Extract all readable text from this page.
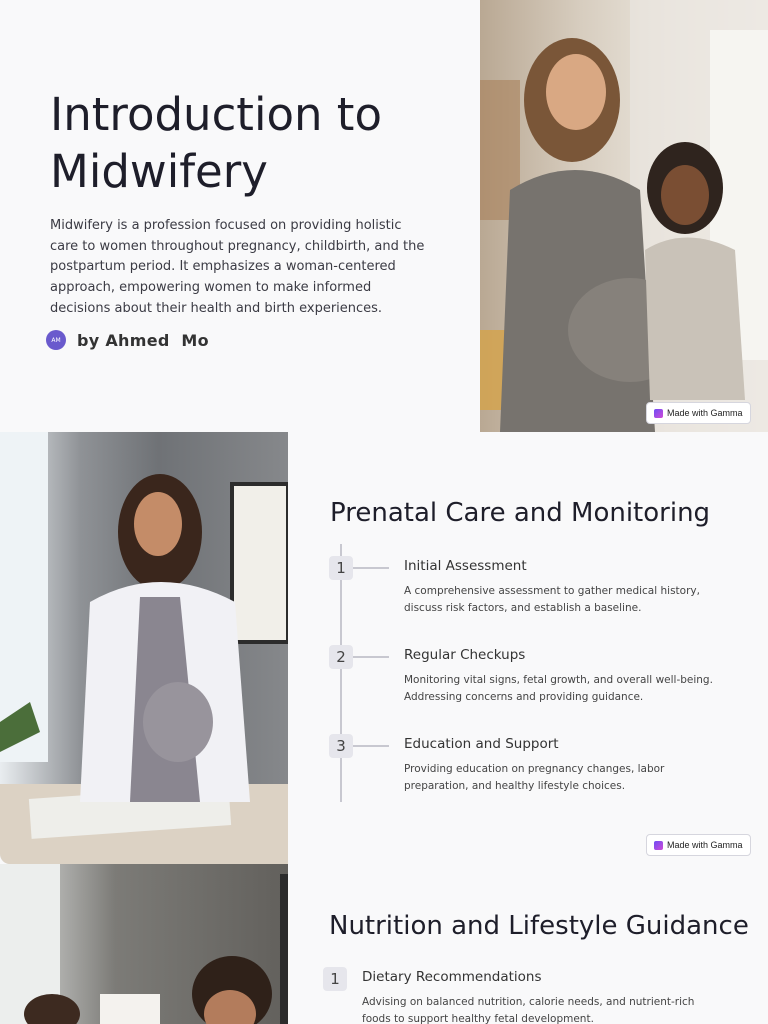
Introduction to Midwifery

Midwifery is a profession focused on providing holistic care to women throughout pregnancy, childbirth, and the postpartum period. It emphasizes a woman-centered approach, empowering women to make informed decisions about their health and birth experiences.

AM	by Ahmed  Mo
Made with Gamma
Prenatal Care and Monitoring
1	Initial Assessment
A comprehensive assessment to gather medical history, discuss risk factors, and establish a baseline.
2	Regular Checkups
Monitoring vital signs, fetal growth, and overall well-being. Addressing concerns and providing guidance.
3	Education and Support
Providing education on pregnancy changes, labor preparation, and healthy lifestyle choices.
Made with Gamma
Nutrition and Lifestyle Guidance
1	Dietary Recommendations
Advising on balanced nutrition, calorie needs, and nutrient-rich foods to support healthy fetal development.
